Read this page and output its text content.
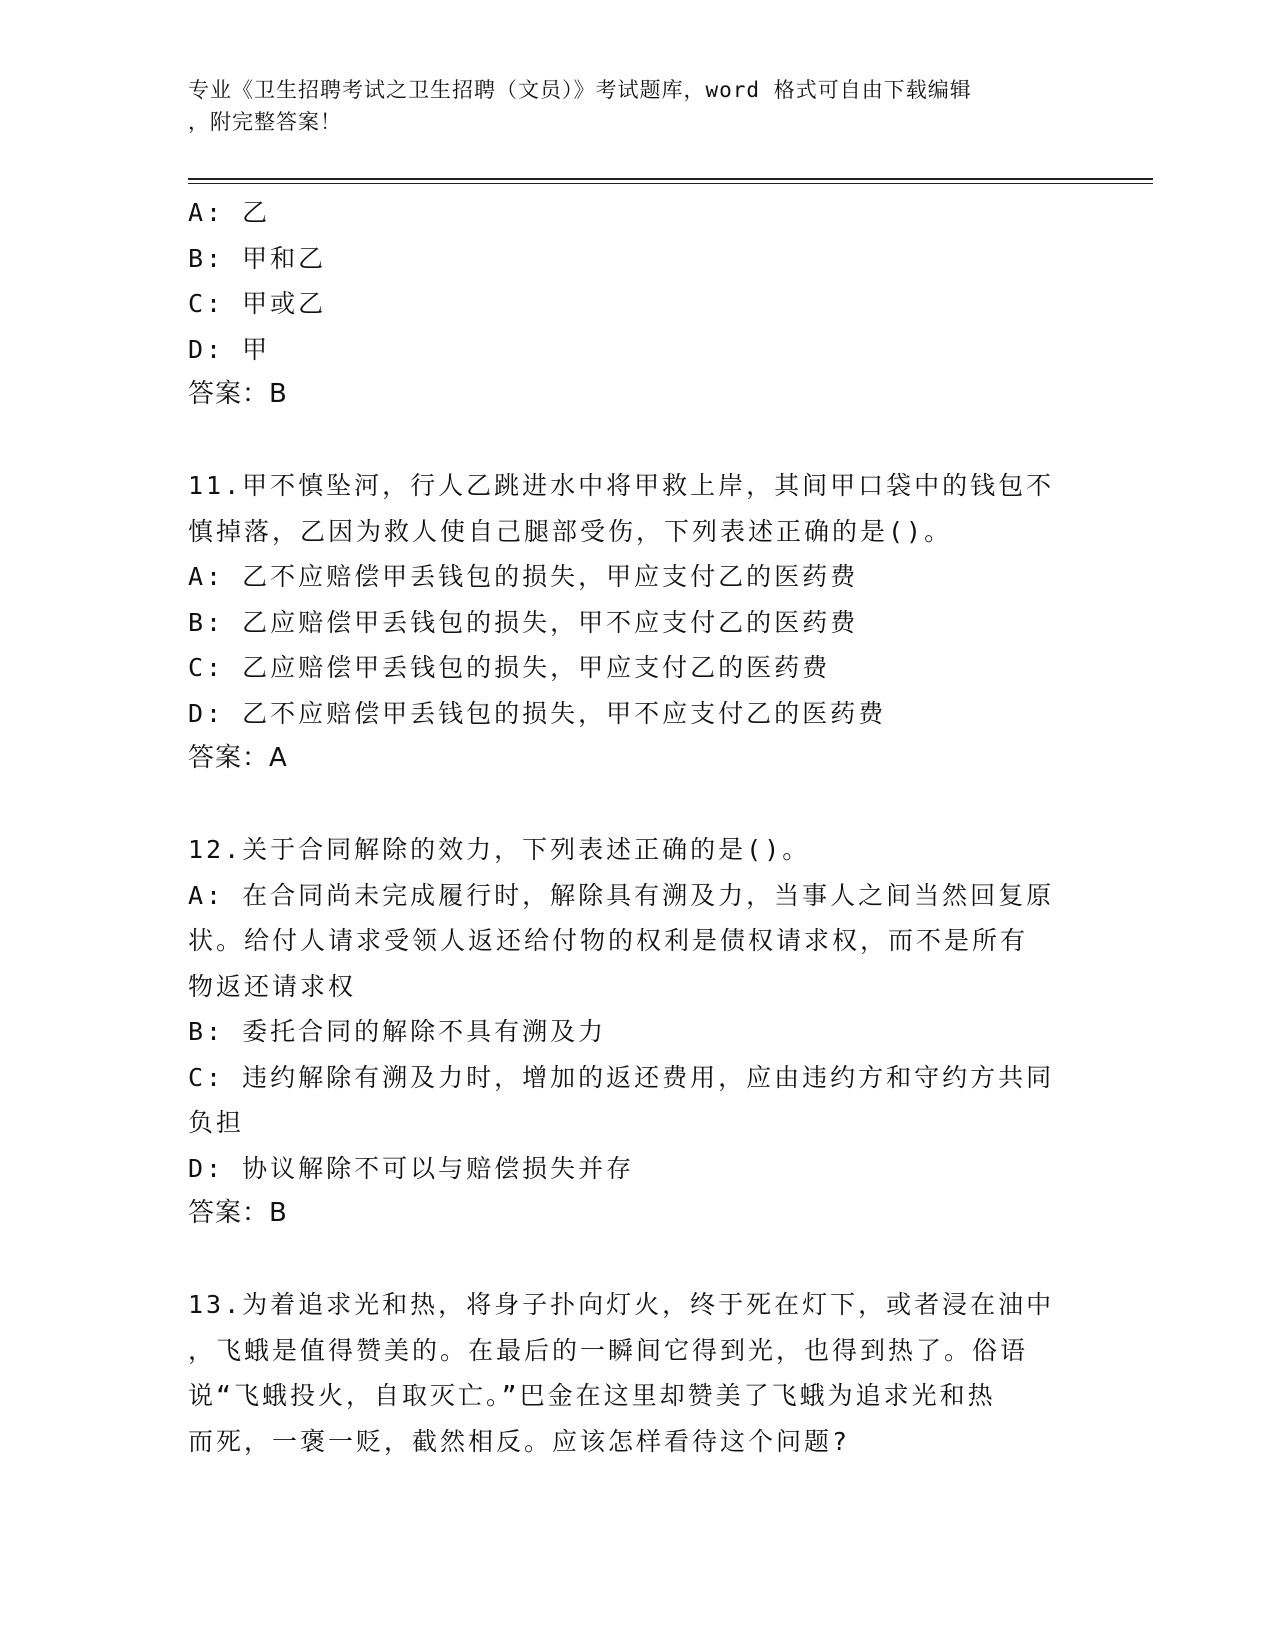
专业《卫生招聘考试之卫生招聘（文员）》考试题库，word 格式可自由下载编辑
，附完整答案！
A: 乙
B: 甲和乙
C: 甲或乙
D: 甲
答案：B
11.甲不慎坠河，行人乙跳进水中将甲救上岸，其间甲口袋中的钱包不
慎掉落，乙因为救人使自己腿部受伤，下列表述正确的是()。
A: 乙不应赔偿甲丢钱包的损失，甲应支付乙的医药费
B: 乙应赔偿甲丢钱包的损失，甲不应支付乙的医药费
C: 乙应赔偿甲丢钱包的损失，甲应支付乙的医药费
D: 乙不应赔偿甲丢钱包的损失，甲不应支付乙的医药费
答案：A
12.关于合同解除的效力，下列表述正确的是()。
A: 在合同尚未完成履行时，解除具有溯及力，当事人之间当然回复原
状。给付人请求受领人返还给付物的权利是债权请求权，而不是所有
物返还请求权
B: 委托合同的解除不具有溯及力
C: 违约解除有溯及力时，增加的返还费用，应由违约方和守约方共同
负担
D: 协议解除不可以与赔偿损失并存
答案：B
13.为着追求光和热，将身子扑向灯火，终于死在灯下，或者浸在油中
，飞蛾是值得赞美的。在最后的一瞬间它得到光，也得到热了。俗语
说“飞蛾投火，自取灭亡。”巴金在这里却赞美了飞蛾为追求光和热
而死，一褒一贬，截然相反。应该怎样看待这个问题?
